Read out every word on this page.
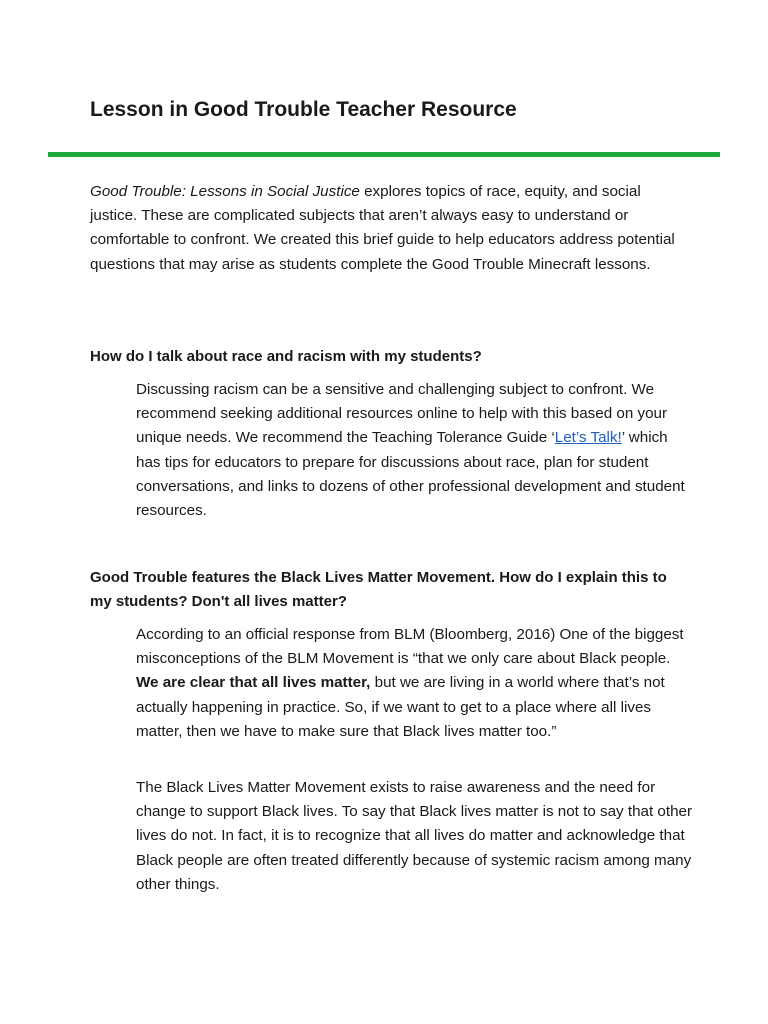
Lesson in Good Trouble Teacher Resource

Good Trouble: Lessons in Social Justice explores topics of race, equity, and social justice. These are complicated subjects that aren’t always easy to understand or comfortable to confront. We created this brief guide to help educators address potential questions that may arise as students complete the Good Trouble Minecraft lessons.

How do I talk about race and racism with my students?

Discussing racism can be a sensitive and challenging subject to confront. We recommend seeking additional resources online to help with this based on your unique needs. We recommend the Teaching Tolerance Guide ‘Let’s Talk!’ which has tips for educators to prepare for discussions about race, plan for student conversations, and links to dozens of other professional development and student resources.

Good Trouble features the Black Lives Matter Movement. How do I explain this to my students? Don't all lives matter?

According to an official response from BLM (Bloomberg, 2016) One of the biggest misconceptions of the BLM Movement is “that we only care about Black people. We are clear that all lives matter, but we are living in a world where that’s not actually happening in practice. So, if we want to get to a place where all lives matter, then we have to make sure that Black lives matter too.”

The Black Lives Matter Movement exists to raise awareness and the need for change to support Black lives. To say that Black lives matter is not to say that other lives do not. In fact, it is to recognize that all lives do matter and acknowledge that Black people are often treated differently because of systemic racism among many other things.
